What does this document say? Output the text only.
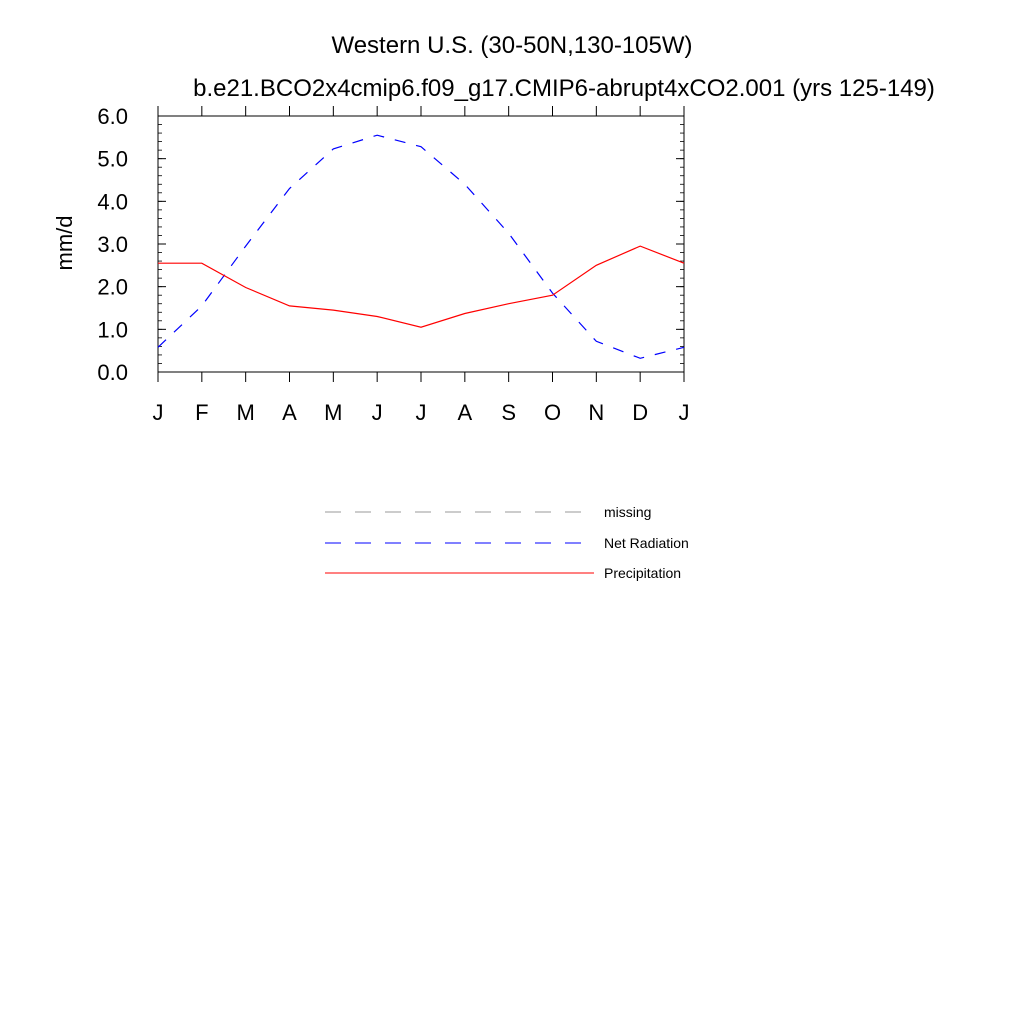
Western U.S. (30-50N,130-105W)
b.e21.BCO2x4cmip6.f09_g17.CMIP6-abrupt4xCO2.001 (yrs 125-149)
mm/d
0.0
1.0
2.0
3.0
4.0
5.0
6.0
J F M A M J J A S O N D J
missing
Net Radiation
Precipitation
